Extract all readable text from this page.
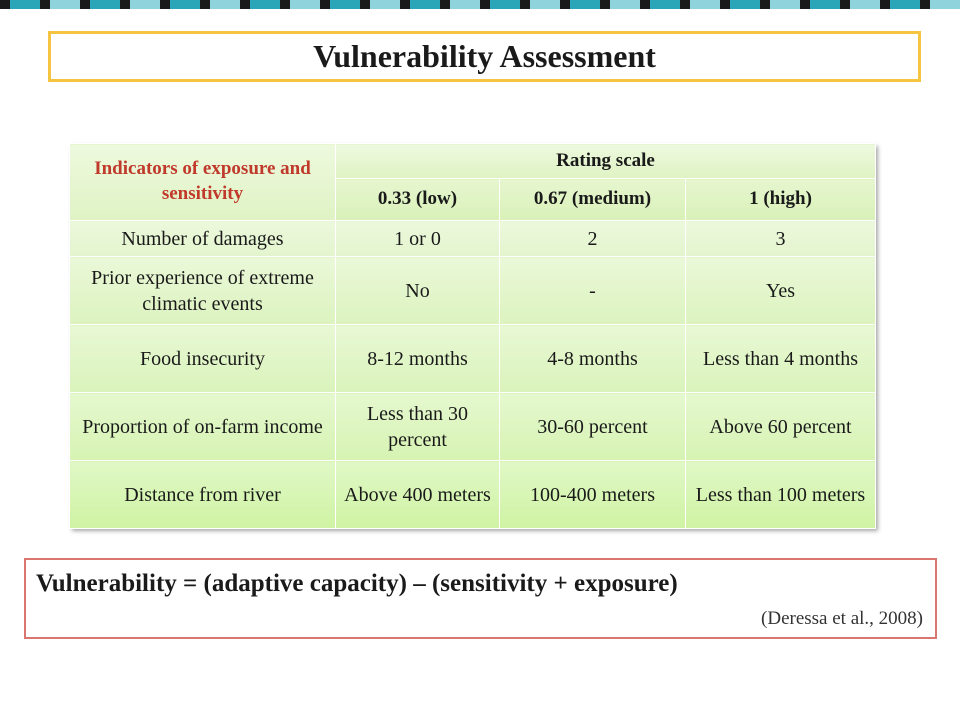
Vulnerability Assessment
Indicators of exposure and sensitivity	Rating scale		
	0.33 (low)	0.67 (medium)	1 (high)
Number of damages	1 or 0	2	3
Prior experience of extreme climatic events	No	-	Yes
Food insecurity	8-12 months	4-8 months	Less than 4 months
Proportion of on-farm income	Less than 30 percent	30-60 percent	Above 60 percent
Distance from river	Above 400 meters	100-400 meters	Less than 100 meters
Vulnerability = (adaptive capacity) – (sensitivity + exposure)
(Deressa et al., 2008)
